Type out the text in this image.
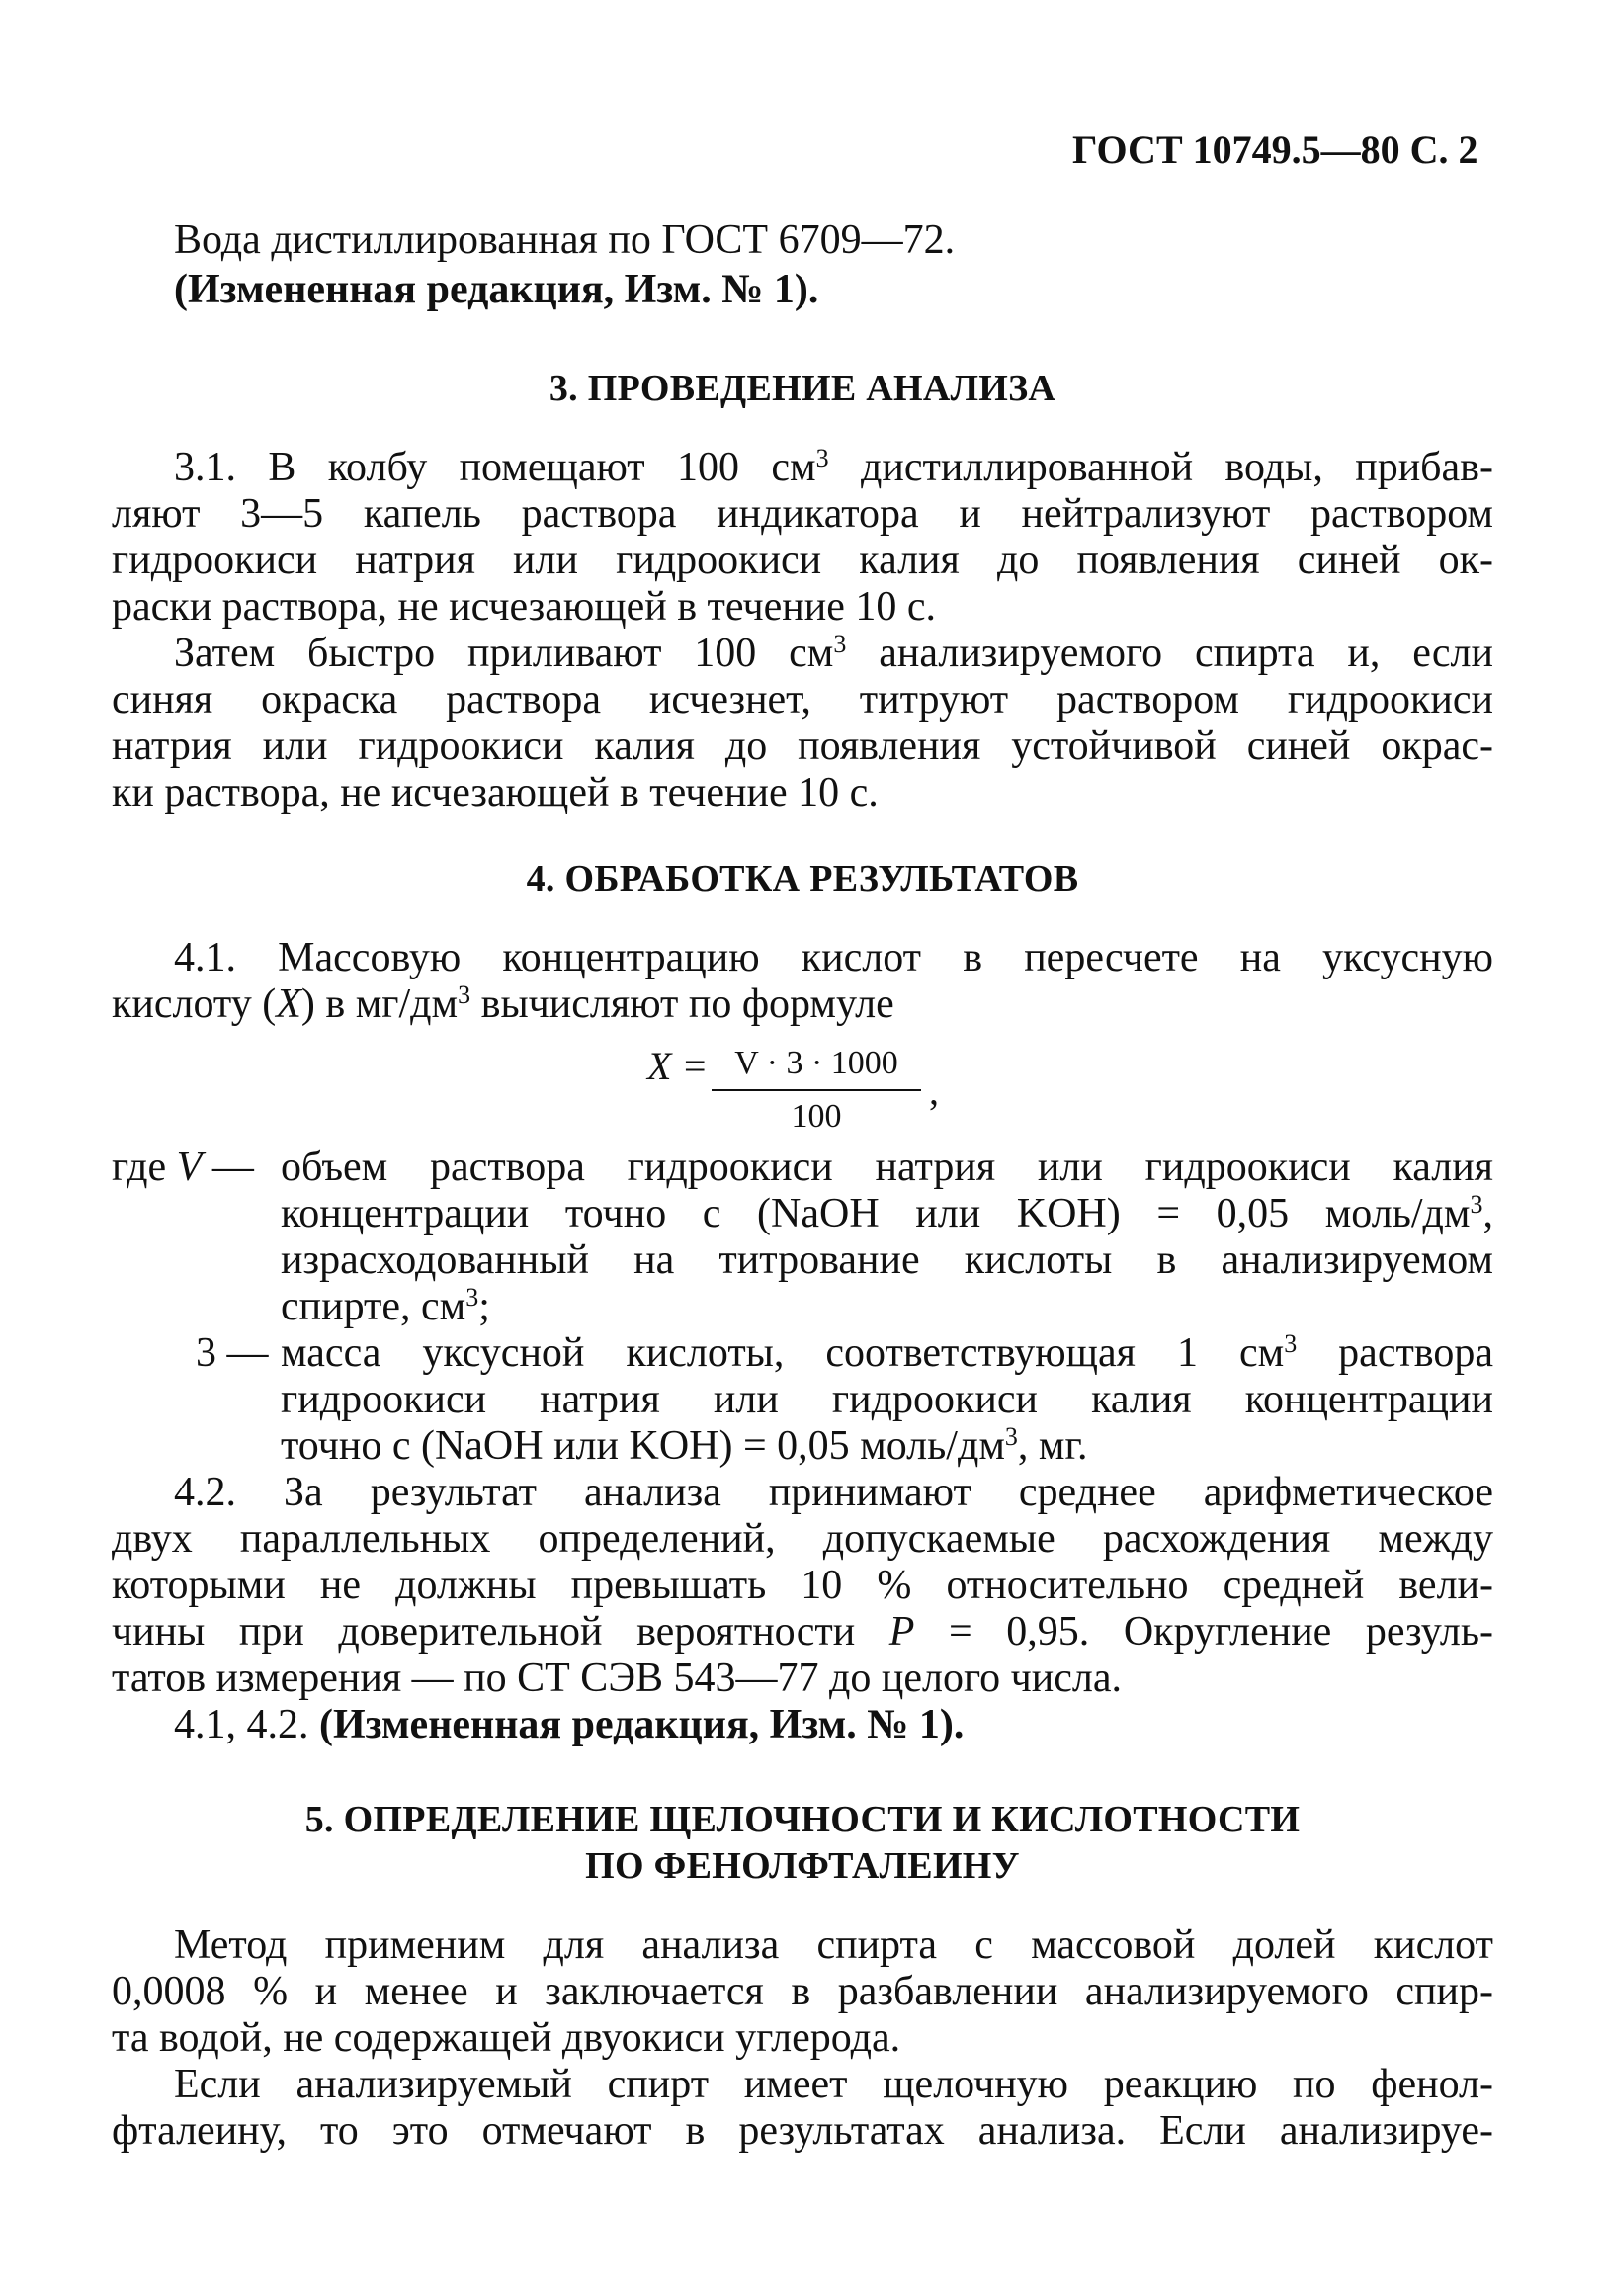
ГОСТ 10749.5—80 С. 2

Вода дистиллированная по ГОСТ 6709—72.

(Измененная редакция, Изм. № 1).

3. ПРОВЕДЕНИЕ АНАЛИЗА

3.1. В колбу помещают 100 $см^3$ дистиллированной воды, прибав-

ляют 3—5 капель раствора индикатора и нейтрализуют раствором

гидроокиси натрия или гидроокиси калия до появления синей ок-

раски раствора, не исчезающей в течение 10 с.

Затем быстро приливают 100 $см^3$ анализируемого спирта и, если

синяя окраска раствора исчезнет, титруют раствором гидроокиси

натрия или гидроокиси калия до появления устойчивой синей окрас-

ки раствора, не исчезающей в течение 10 с.

4. ОБРАБОТКА РЕЗУЛЬТАТОВ

4.1. Массовую концентрацию кислот в пересчете на уксусную

кислоту (X) в $мг/дм^3$ вычисляют по формуле

X = V · 3 · 1000
100
,
где V — объем раствора гидроокиси натрия или гидроокиси калия

концентрации точно с (NaOH или KOH) = 0,05 моль/$дм^3$,

израсходованный на титрование кислоты в анализируемом

спирте, $см^3$;

3 — масса уксусной кислоты, соответствующая 1 $см^3$ раствора

гидроокиси натрия или гидроокиси калия концентрации

точно с (NaOH или KOH) = 0,05 моль/$дм^3$, мг.

4.2. За результат анализа принимают среднее арифметическое

двух параллельных определений, допускаемые расхождения между

которыми не должны превышать 10 % относительно средней вели-

чины при доверительной вероятности P = 0,95. Округление резуль-

татов измерения — по СТ СЭВ 543—77 до целого числа.

4.1, 4.2. (Измененная редакция, Изм. № 1).

5. ОПРЕДЕЛЕНИЕ ЩЕЛОЧНОСТИ И КИСЛОТНОСТИ
ПО ФЕНОЛФТАЛЕИНУ

Метод применим для анализа спирта с массовой долей кислот

0,0008 % и менее и заключается в разбавлении анализируемого спир-

та водой, не содержащей двуокиси углерода.

Если анализируемый спирт имеет щелочную реакцию по фенол-

фталеину, то это отмечают в результатах анализа. Если анализируе-
